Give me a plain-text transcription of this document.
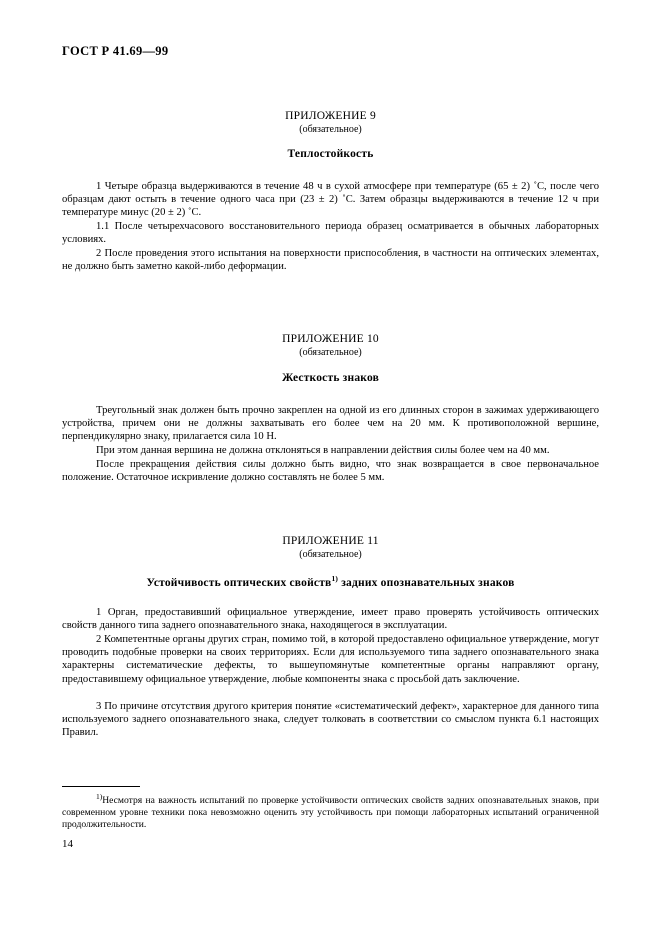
ГОСТ Р 41.69—99
ПРИЛОЖЕНИЕ 9
(обязательное)
Теплостойкость

1 Четыре образца выдерживаются в течение 48 ч в сухой атмосфере при температуре (65 ± 2) ˚С, после чего образцам дают остыть в течение одного часа при (23 ± 2) ˚С. Затем образцы выдерживаются в течение 12 ч при температуре минус (20 ± 2) ˚С.

1.1 После четырехчасового восстановительного периода образец осматривается в обычных лабораторных условиях.

2 После проведения этого испытания на поверхности приспособления, в частности на оптических элементах, не должно быть заметно какой-либо деформации.

ПРИЛОЖЕНИЕ 10
(обязательное)
Жесткость знаков

Треугольный знак должен быть прочно закреплен на одной из его длинных сторон в зажимах удерживающего устройства, причем они не должны захватывать его более чем на 20 мм. К противоположной вершине, перпендикулярно знаку, прилагается сила 10 Н.

При этом данная вершина не должна отклоняться в направлении действия силы более чем на 40 мм.

После прекращения действия силы должно быть видно, что знак возвращается в свое первоначальное положение. Остаточное искривление должно составлять не более 5 мм.

ПРИЛОЖЕНИЕ 11
(обязательное)
Устойчивость оптических свойств$^{1)}$ задних опознавательных знаков

1 Орган, предоставивший официальное утверждение, имеет право проверять устойчивость оптических свойств данного типа заднего опознавательного знака, находящегося в эксплуатации.

2 Компетентные органы других стран, помимо той, в которой предоставлено официальное утверждение, могут проводить подобные проверки на своих территориях. Если для используемого типа заднего опознавательного знака характерны систематические дефекты, то вышеупомянутые компетентные органы направляют органу, предоставившему официальное утверждение, любые компоненты знака с просьбой дать заключение.

3 По причине отсутствия другого критерия понятие «систематический дефект», характерное для данного типа используемого заднего опознавательного знака, следует толковать в соответствии со смыслом пункта 6.1 настоящих Правил.

$^{1)}$Несмотря на важность испытаний по проверке устойчивости оптических свойств задних опознавательных знаков, при современном уровне техники пока невозможно оценить эту устойчивость при помощи лабораторных испытаний ограниченной продолжительности.

14
